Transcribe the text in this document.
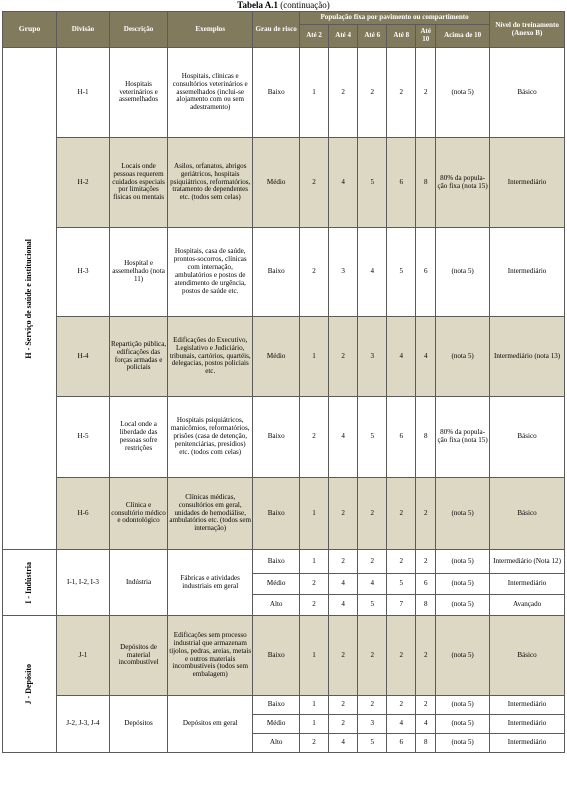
Tabela A.1 (continuação)
Grupo	Divisão	Descrição	Exemplos	Grau de risco	População fixa por pavimento ou compartimento						Nível do treinamento (Anexo B)
					Até 2	Até 4	Até 6	Até 8	Até 10	Acima de 10	

H - Serviço de saúde e institucional	H-1	Hospitais veterinários e assemelhados	Hospitais, clínicas e consultórios veterinários e assemelhados (inclui-se alojamento com ou sem adestramento)	Baixo	1	2	2	2	2	(nota 5)	Básico
	H-2	Locais onde pessoas requerem cuidados especiais por limitações físicas ou mentais	Asilos, orfanatos, abrigos geriátricos, hospitais psiquiátricos, reformatórios, tratamento de dependentes etc. (todos sem celas)	Médio	2	4	5	6	8	80% da popula-ção fixa (nota 15)	Intermediário
	H-3	Hospital e assemelhado (nota 11)	Hospitais, casa de saúde, prontos-socorros, clínicas com internação, ambulatórios e postos de atendimento de urgência, postos de saúde etc.	Baixo	2	3	4	5	6	(nota 5)	Intermediário
	H-4	Repartição pública, edificações das forças armadas e policiais	Edificações do Executivo, Legislativo e Judiciário, tribunais, cartórios, quartéis, delegacias, postos policiais etc.	Médio	1	2	3	4	4	(nota 5)	Intermediário (nota 13)
	H-5	Local onde a liberdade das pessoas sofre restrições	Hospitais psiquiátricos, manicômios, reformatórios, prisões (casa de detenção, penitenciárias, presídios) etc. (todos com celas)	Baixo	2	4	5	6	8	80% da popula-ção fixa (nota 15)	Básico
	H-6	Clínica e consultório médico e odontológico	Clínicas médicas, consultórios em geral, unidades de hemodiálise, ambulatórios etc. (todos sem internação)	Baixo	1	2	2	2	2	(nota 5)	Básico

I - Indústria	I-1, I-2, I-3	Indústria	Fábricas e atividades industriais em geral	Baixo	1	2	2	2	2	(nota 5)	Intermediário (Nota 12)
				Médio	2	4	4	5	6	(nota 5)	Intermediário
				Alto	2	4	5	7	8	(nota 5)	Avançado

J - Depósito	J-1	Depósitos de material incombustível	Edificações sem processo industrial que armazenam tijolos, pedras, areias, metais e outros materiais incombustíveis (todos sem embalagem)	Baixo	1	2	2	2	2	(nota 5)	Básico
	J-2, J-3, J-4	Depósitos	Depósitos em geral	Baixo	1	2	2	2	2	(nota 5)	Intermediário
				Médio	1	2	3	4	4	(nota 5)	Intermediário
				Alto	2	4	5	6	8	(nota 5)	Intermediário
